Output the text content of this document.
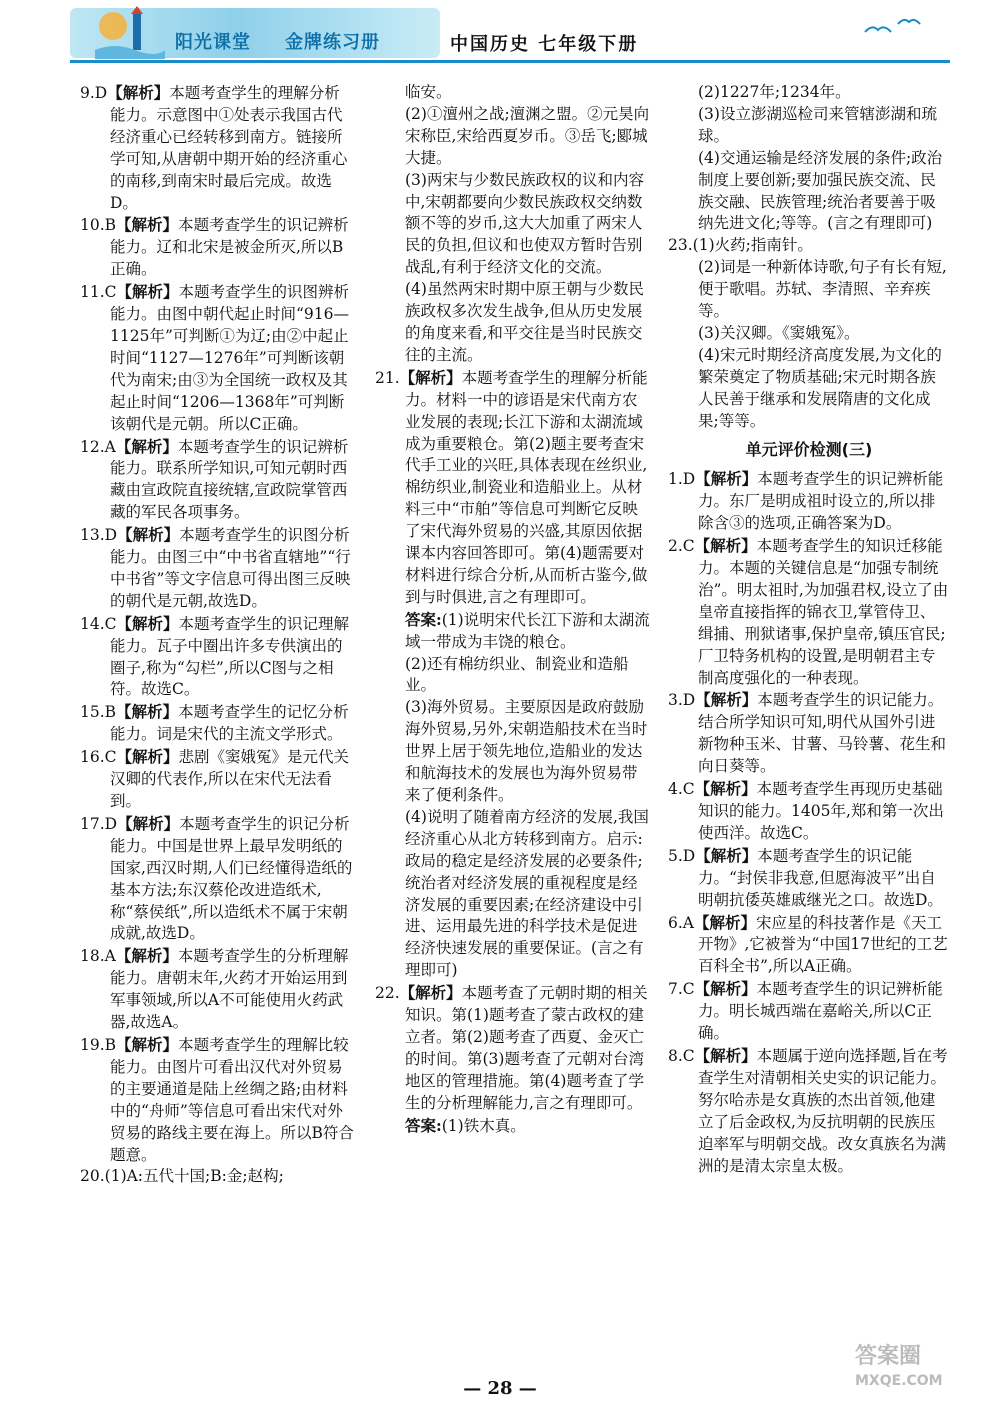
阳光课堂 金牌练习册	中国历史 七年级下册

9.D【解析】本题考查学生的理解分析能力。示意图中①处表示我国古代经济重心已经转移到南方。链接所学可知,从唐朝中期开始的经济重心的南移,到南宋时最后完成。故选D。

10.B【解析】本题考查学生的识记辨析能力。辽和北宋是被金所灭,所以B正确。

11.C【解析】本题考查学生的识图辨析能力。由图中朝代起止时间“916—1125年”可判断①为辽;由②中起止时间“1127—1276年”可判断该朝代为南宋;由③为全国统一政权及其起止时间“1206—1368年”可判断该朝代是元朝。所以C正确。

12.A【解析】本题考查学生的识记辨析能力。联系所学知识,可知元朝时西藏由宣政院直接统辖,宣政院掌管西藏的军民各项事务。

13.D【解析】本题考查学生的识图分析能力。由图三中“中书省直辖地”“行中书省”等文字信息可得出图三反映的朝代是元朝,故选D。

14.C【解析】本题考查学生的识记理解能力。瓦子中圈出许多专供演出的圈子,称为“勾栏”,所以C图与之相符。故选C。

15.B【解析】本题考查学生的记忆分析能力。词是宋代的主流文学形式。

16.C【解析】悲剧《窦娥冤》是元代关汉卿的代表作,所以在宋代无法看到。

17.D【解析】本题考查学生的识记分析能力。中国是世界上最早发明纸的国家,西汉时期,人们已经懂得造纸的基本方法;东汉蔡伦改进造纸术,称“蔡侯纸”,所以造纸术不属于宋朝成就,故选D。

18.A【解析】本题考查学生的分析理解能力。唐朝末年,火药才开始运用到军事领域,所以A不可能使用火药武器,故选A。

19.B【解析】本题考查学生的理解比较能力。由图片可看出汉代对外贸易的主要通道是陆上丝绸之路;由材料中的“舟师”等信息可看出宋代对外贸易的路线主要在海上。所以B符合题意。

20.(1)A:五代十国;B:金;赵构;

临安。

(2)①澶州之战;澶渊之盟。②元昊向宋称臣,宋给西夏岁币。③岳飞;郾城大捷。

(3)两宋与少数民族政权的议和内容中,宋朝都要向少数民族政权交纳数额不等的岁币,这大大加重了两宋人民的负担,但议和也使双方暂时告别战乱,有利于经济文化的交流。

(4)虽然两宋时期中原王朝与少数民族政权多次发生战争,但从历史发展的角度来看,和平交往是当时民族交往的主流。

21.【解析】本题考查学生的理解分析能力。材料一中的谚语是宋代南方农业发展的表现;长江下游和太湖流域成为重要粮仓。第(2)题主要考查宋代手工业的兴旺,具体表现在丝织业,棉纺织业,制瓷业和造船业上。从材料三中“市舶”等信息可判断它反映了宋代海外贸易的兴盛,其原因依据课本内容回答即可。第(4)题需要对材料进行综合分析,从而析古鉴今,做到与时俱进,言之有理即可。

答案:(1)说明宋代长江下游和太湖流域一带成为丰饶的粮仓。

(2)还有棉纺织业、制瓷业和造船业。

(3)海外贸易。主要原因是政府鼓励海外贸易,另外,宋朝造船技术在当时世界上居于领先地位,造船业的发达和航海技术的发展也为海外贸易带来了便利条件。

(4)说明了随着南方经济的发展,我国经济重心从北方转移到南方。启示:政局的稳定是经济发展的必要条件;统治者对经济发展的重视程度是经济发展的重要因素;在经济建设中引进、运用最先进的科学技术是促进经济快速发展的重要保证。(言之有理即可)

22.【解析】本题考查了元朝时期的相关知识。第(1)题考查了蒙古政权的建立者。第(2)题考查了西夏、金灭亡的时间。第(3)题考查了元朝对台湾地区的管理措施。第(4)题考查了学生的分析理解能力,言之有理即可。

答案:(1)铁木真。

(2)1227年;1234年。

(3)设立澎湖巡检司来管辖澎湖和琉球。

(4)交通运输是经济发展的条件;政治制度上要创新;要加强民族交流、民族交融、民族管理;统治者要善于吸纳先进文化;等等。(言之有理即可)

23.(1)火药;指南针。

(2)词是一种新体诗歌,句子有长有短,便于歌唱。苏轼、李清照、辛弃疾等。

(3)关汉卿。《窦娥冤》。

(4)宋元时期经济高度发展,为文化的繁荣奠定了物质基础;宋元时期各族人民善于继承和发展隋唐的文化成果;等等。

单元评价检测(三)

1.D【解析】本题考查学生的识记辨析能力。东厂是明成祖时设立的,所以排除含③的选项,正确答案为D。

2.C【解析】本题考查学生的知识迁移能力。本题的关键信息是“加强专制统治”。明太祖时,为加强君权,设立了由皇帝直接指挥的锦衣卫,掌管侍卫、缉捕、刑狱诸事,保护皇帝,镇压官民;厂卫特务机构的设置,是明朝君主专制高度强化的一种表现。

3.D【解析】本题考查学生的识记能力。结合所学知识可知,明代从国外引进新物种玉米、甘薯、马铃薯、花生和向日葵等。

4.C【解析】本题考查学生再现历史基础知识的能力。1405年,郑和第一次出使西洋。故选C。

5.D【解析】本题考查学生的识记能力。“封侯非我意,但愿海波平”出自明朝抗倭英雄戚继光之口。故选D。

6.A【解析】宋应星的科技著作是《天工开物》,它被誉为“中国17世纪的工艺百科全书”,所以A正确。

7.C【解析】本题考查学生的识记辨析能力。明长城西端在嘉峪关,所以C正确。

8.C【解析】本题属于逆向选择题,旨在考查学生对清朝相关史实的识记能力。努尔哈赤是女真族的杰出首领,他建立了后金政权,为反抗明朝的民族压迫率军与明朝交战。改女真族名为满洲的是清太宗皇太极。

— 28 —
答案圈
MXQE.COM
